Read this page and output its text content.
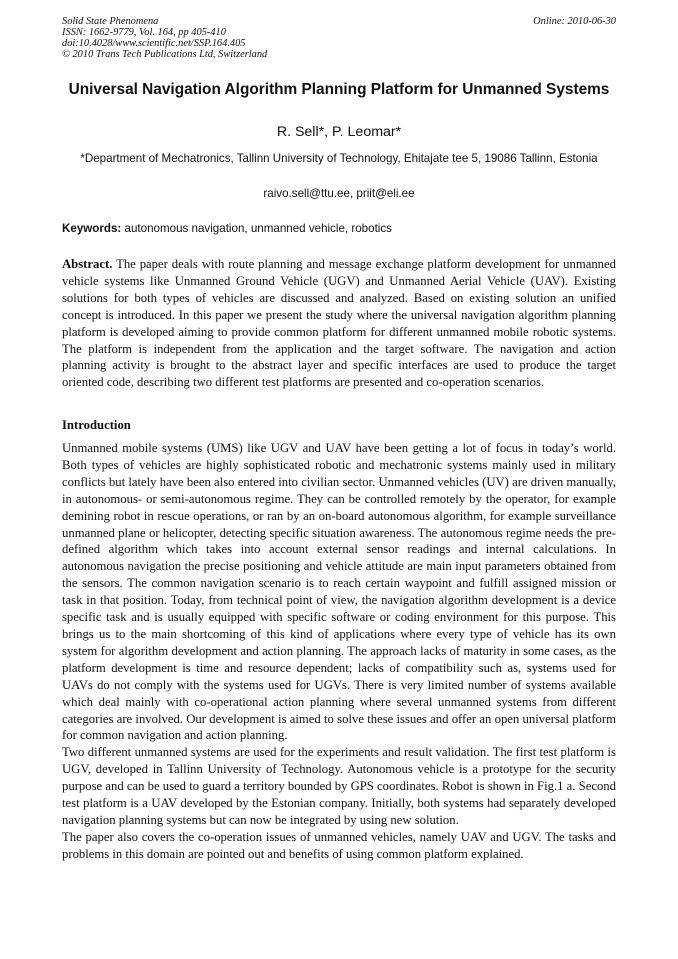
Solid State Phenomena
ISSN: 1662-9779, Vol. 164, pp 405-410
doi:10.4028/www.scientific.net/SSP.164.405
© 2010 Trans Tech Publications Ltd, Switzerland
Online: 2010-06-30
Universal Navigation Algorithm Planning Platform for Unmanned Systems
R. Sell*, P. Leomar*
*Department of Mechatronics, Tallinn University of Technology, Ehitajate tee 5, 19086 Tallinn, Estonia
raivo.sell@ttu.ee, priit@eli.ee
Keywords: autonomous navigation, unmanned vehicle, robotics
Abstract. The paper deals with route planning and message exchange platform development for unmanned vehicle systems like Unmanned Ground Vehicle (UGV) and Unmanned Aerial Vehicle (UAV). Existing solutions for both types of vehicles are discussed and analyzed. Based on existing solution an unified concept is introduced. In this paper we present the study where the universal navigation algorithm planning platform is developed aiming to provide common platform for different unmanned mobile robotic systems. The platform is independent from the application and the target software. The navigation and action planning activity is brought to the abstract layer and specific interfaces are used to produce the target oriented code, describing two different test platforms are presented and co-operation scenarios.
Introduction

Unmanned mobile systems (UMS) like UGV and UAV have been getting a lot of focus in today’s world. Both types of vehicles are highly sophisticated robotic and mechatronic systems mainly used in military conflicts but lately have been also entered into civilian sector. Unmanned vehicles (UV) are driven manually, in autonomous- or semi-autonomous regime. They can be controlled remotely by the operator, for example demining robot in rescue operations, or ran by an on-board autonomous algorithm, for example surveillance unmanned plane or helicopter, detecting specific situation awareness. The autonomous regime needs the pre-defined algorithm which takes into account external sensor readings and internal calculations. In autonomous navigation the precise positioning and vehicle attitude are main input parameters obtained from the sensors. The common navigation scenario is to reach certain waypoint and fulfill assigned mission or task in that position. Today, from technical point of view, the navigation algorithm development is a device specific task and is usually equipped with specific software or coding environment for this purpose. This brings us to the main shortcoming of this kind of applications where every type of vehicle has its own system for algorithm development and action planning. The approach lacks of maturity in some cases, as the platform development is time and resource dependent; lacks of compatibility such as, systems used for UAVs do not comply with the systems used for UGVs. There is very limited number of systems available which deal mainly with co-operational action planning where several unmanned systems from different categories are involved. Our development is aimed to solve these issues and offer an open universal platform for common navigation and action planning.

Two different unmanned systems are used for the experiments and result validation. The first test platform is UGV, developed in Tallinn University of Technology. Autonomous vehicle is a prototype for the security purpose and can be used to guard a territory bounded by GPS coordinates. Robot is shown in Fig.1 a. Second test platform is a UAV developed by the Estonian company. Initially, both systems had separately developed navigation planning systems but can now be integrated by using new solution.

The paper also covers the co-operation issues of unmanned vehicles, namely UAV and UGV. The tasks and problems in this domain are pointed out and benefits of using common platform explained.
